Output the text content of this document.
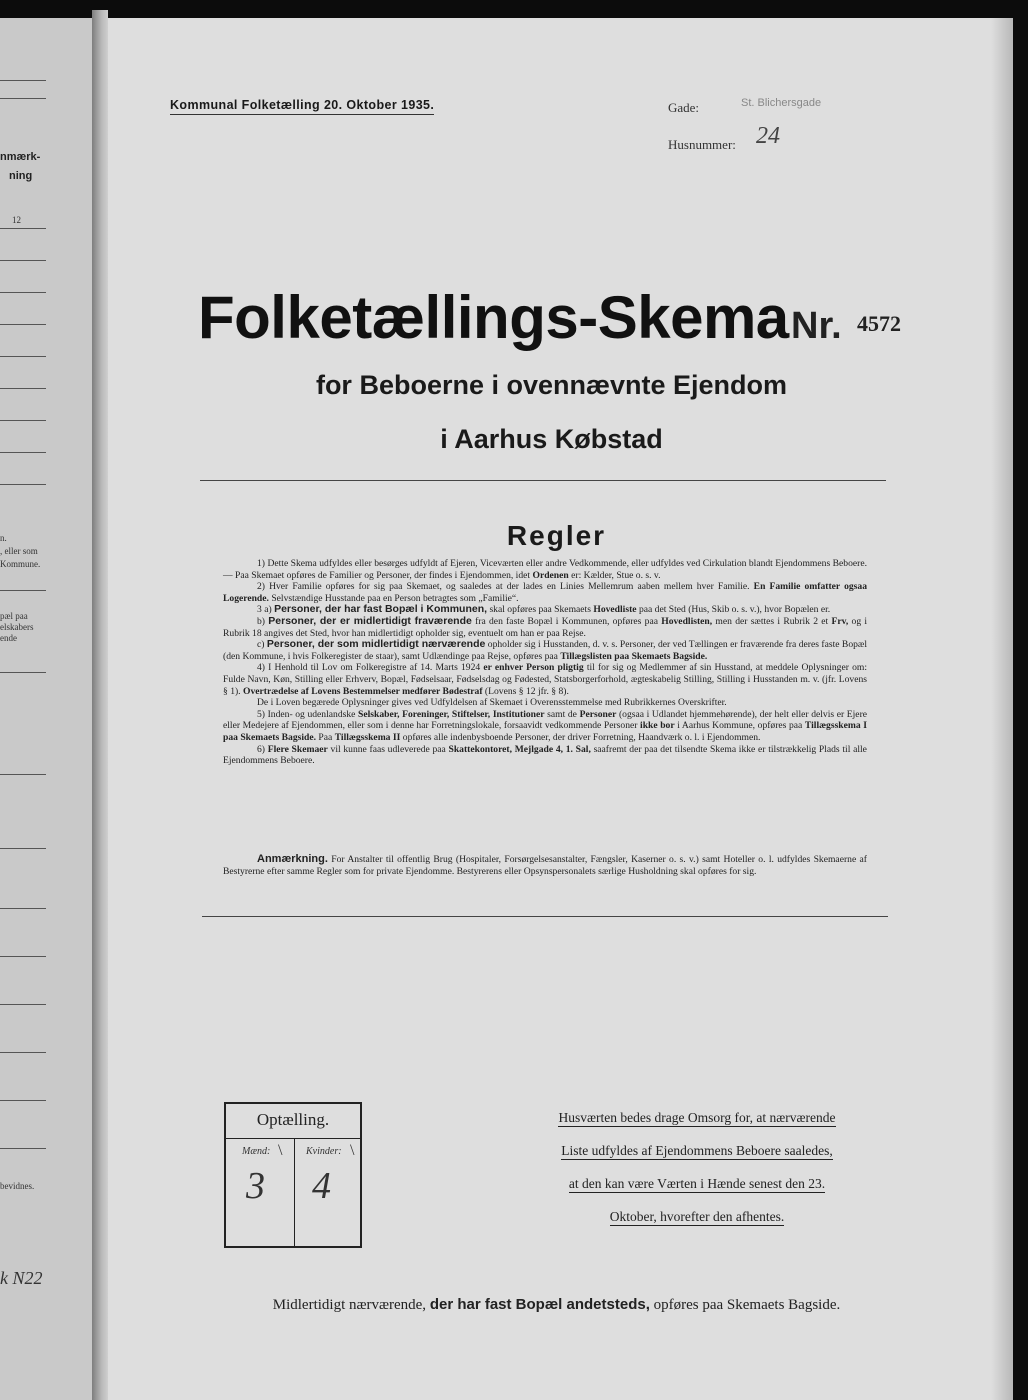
nmærk-
ning
12
n.
, eller som
Kommune.
pæl paa
elskabers
ende
bevidnes.
k N22
Kommunal Folketælling 20. Oktober 1935.	Gade:	St. Blichersgade
Husnummer: 24
Folketællings-Skema Nr. 4572
for Beboerne i ovennævnte Ejendom
i Aarhus Købstad
Regler

1) Dette Skema udfyldes eller besørges udfyldt af Ejeren, Viceværten eller andre Vedkommende, eller udfyldes ved Cirkulation blandt Ejendommens Beboere. — Paa Skemaet opføres de Familier og Personer, der findes i Ejendommen, idet Ordenen er: Kælder, Stue o. s. v.

2) Hver Familie opføres for sig paa Skemaet, og saaledes at der lades en Linies Mellemrum aaben mellem hver Familie. En Familie omfatter ogsaa Logerende. Selvstændige Husstande paa en Person betragtes som „Familie“.

3 a) Personer, der har fast Bopæl i Kommunen, skal opføres paa Skemaets Hovedliste paa det Sted (Hus, Skib o. s. v.), hvor Bopælen er.

b) Personer, der er midlertidigt fraværende fra den faste Bopæl i Kommunen, opføres paa Hovedlisten, men der sættes i Rubrik 2 et Frv, og i Rubrik 18 angives det Sted, hvor han midlertidigt opholder sig, eventuelt om han er paa Rejse.

c) Personer, der som midlertidigt nærværende opholder sig i Husstanden, d. v. s. Personer, der ved Tællingen er fraværende fra deres faste Bopæl (den Kommune, i hvis Folkeregister de staar), samt Udlændinge paa Rejse, opføres paa Tillægslisten paa Skemaets Bagside.

4) I Henhold til Lov om Folkeregistre af 14. Marts 1924 er enhver Person pligtig til for sig og Medlemmer af sin Husstand, at meddele Oplysninger om: Fulde Navn, Køn, Stilling eller Erhverv, Bopæl, Fødselsaar, Fødselsdag og Fødested, Statsborgerforhold, ægteskabelig Stilling, Stilling i Husstanden m. v. (jfr. Lovens § 1). Overtrædelse af Lovens Bestemmelser medfører Bødestraf (Lovens § 12 jfr. § 8).

De i Loven begærede Oplysninger gives ved Udfyldelsen af Skemaet i Overensstemmelse med Rubrikkernes Overskrifter.

5) Inden- og udenlandske Selskaber, Foreninger, Stiftelser, Institutioner samt de Personer (ogsaa i Udlandet hjemmehørende), der helt eller delvis er Ejere eller Medejere af Ejendommen, eller som i denne har Forretningslokale, forsaavidt vedkommende Personer ikke bor i Aarhus Kommune, opføres paa Tillægsskema I paa Skemaets Bagside. Paa Tillægsskema II opføres alle indenbysboende Personer, der driver Forretning, Haandværk o. l. i Ejendommen.

6) Flere Skemaer vil kunne faas udleverede paa Skattekontoret, Mejlgade 4, 1. Sal, saafremt der paa det tilsendte Skema ikke er tilstrækkelig Plads til alle Ejendommens Beboere.

Anmærkning. For Anstalter til offentlig Brug (Hospitaler, Forsørgelsesanstalter, Fængsler, Kaserner o. s. v.) samt Hoteller o. l. udfyldes Skemaerne af Bestyrerne efter samme Regler som for private Ejendomme. Bestyrerens eller Opsynspersonalets særlige Husholdning skal opføres for sig.

Optælling.
Mænd: \ Kvinder: \
3 4
Husværten bedes drage Omsorg for, at nærværende
Liste udfyldes af Ejendommens Beboere saaledes,
at den kan være Værten i Hænde senest den 23.
Oktober, hvorefter den afhentes.
Midlertidigt nærværende, der har fast Bopæl andetsteds, opføres paa Skemaets Bagside.
